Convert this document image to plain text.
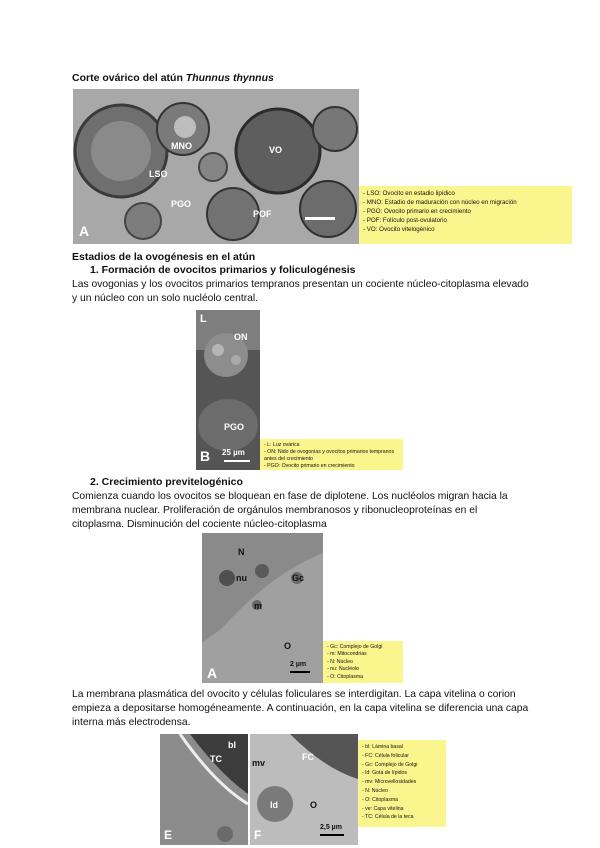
Corte ovárico del atún Thunnus thynnus
MNO	VO
LSO
PGO
POF
A
- LSO: Ovocito en estadio lipídico
- MNO: Estadio de maduración con núcleo en migración
- PGO: Ovocito primario en crecimiento
- POF: Folículo post-ovulatorio
- VO: Ovocito vitelogénico
Estadios de la ovogénesis en el atún
1. Formación de ovocitos primarios y foliculogénesis
Las ovogonias y los ovocitos primarios tempranos presentan un cociente núcleo-citoplasma elevado y un núcleo con un solo nucléolo central.
L
ON
PGO
B 25 µm
- L: Luz ovárica
- ON: Nido de ovogonias y ovocitos primarios tempranos antes del crecimiento
- PGO: Ovocito primario en crecimiento
2. Crecimiento previtelogénico
Comienza cuando los ovocitos se bloquean en fase de diplotene. Los nucléolos migran hacia la membrana nuclear. Proliferación de orgánulos membranosos y ribonucleoproteínas en el citoplasma. Disminución del cociente núcleo-citoplasma
N
nu	Gc
m
O
A
2 µm
- Gc: Complejo de Golgi
- m: Mitocondrias
- N: Núcleo
- nu: Nucléolo
- O: Citoplasma
La membrana plasmática del ovocito y células foliculares se interdigitan. La capa vitelina o corion empieza a depositarse homogéneamente. A continuación, en la capa vitelina se diferencia una capa interna más electrodensa.
bl
TC
E
FC
ld
mv
O
F
2,5 µm
- bl: Lámina basal
- FC: Célula folicular
- Gc: Complejo de Golgi
- ld: Gota de lípidos
- mv: Microvellosidades
- N: Núcleo
- O: Citoplasma
- vе: Capa vitelina
- TC: Célula de la teca
